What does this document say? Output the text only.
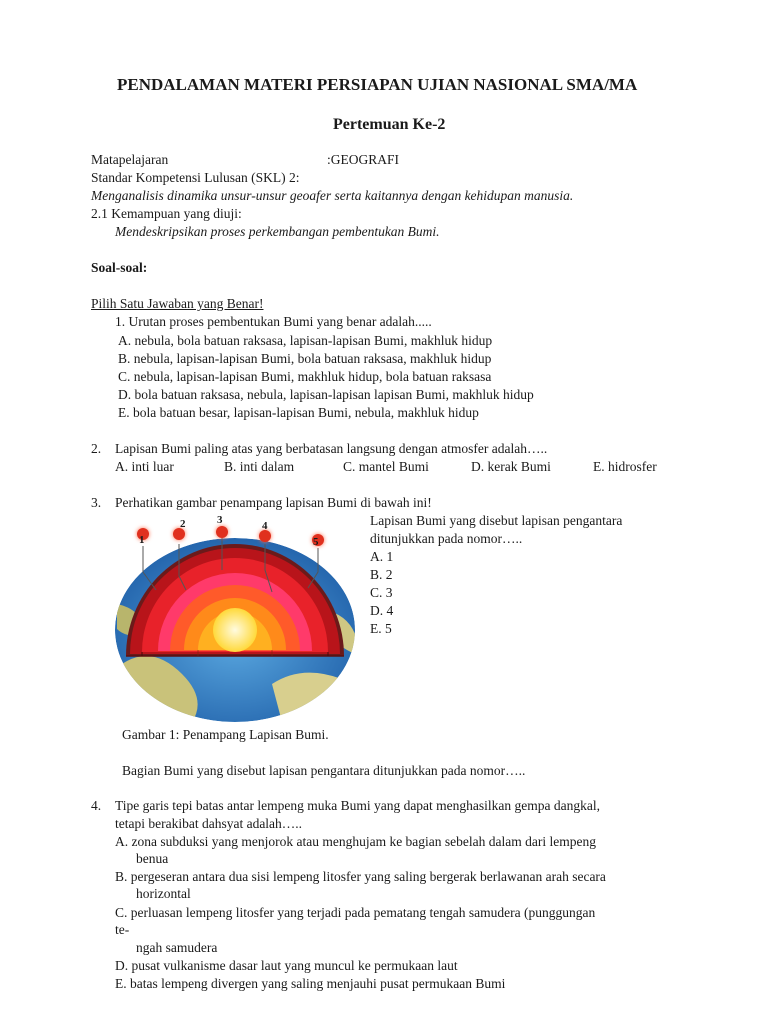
PENDALAMAN MATERI PERSIAPAN UJIAN NASIONAL SMA/MA
Pertemuan Ke-2
Matapelajaran	:GEOGRAFI
Standar Kompetensi Lulusan (SKL) 2:
Menganalisis dinamika unsur-unsur geoafer serta kaitannya dengan kehidupan manusia.
2.1 Kemampuan yang diuji:
Mendeskripsikan proses perkembangan pembentukan Bumi.
Soal-soal:
Pilih Satu Jawaban yang Benar!
1. Urutan proses pembentukan Bumi yang benar adalah.....
A. nebula, bola batuan raksasa, lapisan-lapisan Bumi, makhluk hidup
B. nebula, lapisan-lapisan Bumi, bola batuan raksasa, makhluk hidup
C. nebula, lapisan-lapisan Bumi, makhluk hidup, bola batuan raksasa
D. bola batuan raksasa, nebula, lapisan-lapisan lapisan Bumi, makhluk hidup
E. bola batuan besar, lapisan-lapisan Bumi, nebula, makhluk hidup
2. Lapisan Bumi paling atas yang berbatasan langsung dengan atmosfer adalah…..
A. inti luar	B. inti dalam	C. mantel Bumi	D. kerak Bumi	E. hidrosfer
3. Perhatikan gambar penampang lapisan Bumi di bawah ini!
Lapisan Bumi yang disebut lapisan pengantara
ditunjukkan pada nomor…..
A. 1
B. 2
C. 3
D. 4
E. 5
1
2	3	4
5
Gambar 1: Penampang Lapisan Bumi.
Bagian Bumi yang disebut lapisan pengantara ditunjukkan pada nomor…..
4. Tipe garis tepi batas antar lempeng muka Bumi yang dapat menghasilkan gempa dangkal,
tetapi berakibat dahsyat adalah…..
A. zona subduksi yang menjorok atau menghujam ke bagian sebelah dalam dari lempeng
benua
B. pergeseran antara dua sisi lempeng litosfer yang saling bergerak berlawanan arah secara
horizontal
C. perluasan lempeng litosfer yang terjadi pada pematang tengah samudera (punggungan
te-
ngah samudera
D. pusat vulkanisme dasar laut yang muncul ke permukaan laut
E. batas lempeng divergen yang saling menjauhi pusat permukaan Bumi
